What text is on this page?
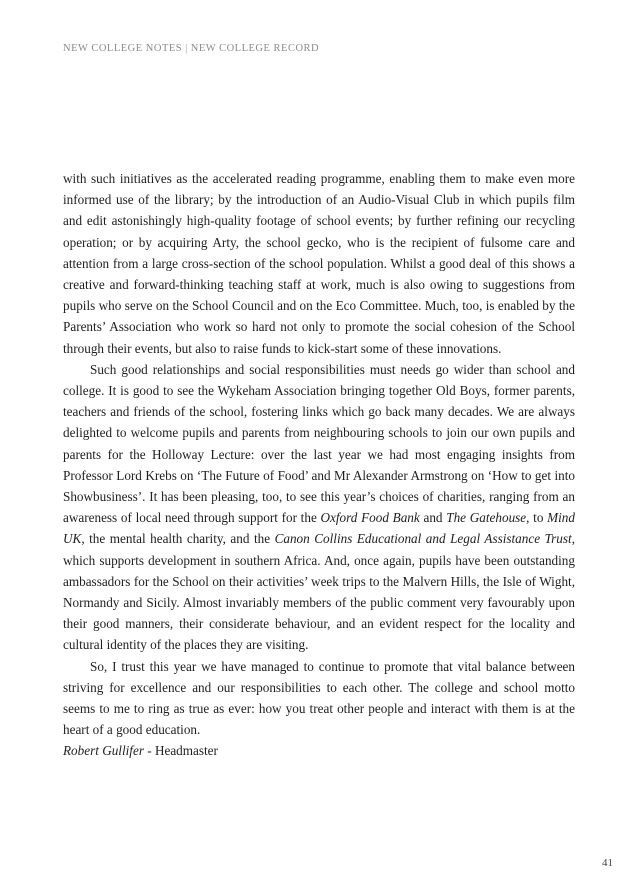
NEW COLLEGE NOTES | NEW COLLEGE RECORD

with such initiatives as the accelerated reading programme, enabling them to make even more informed use of the library; by the introduction of an Audio-Visual Club in which pupils film and edit astonishingly high-quality footage of school events; by further refining our recycling operation; or by acquiring Arty, the school gecko, who is the recipient of fulsome care and attention from a large cross-section of the school population. Whilst a good deal of this shows a creative and forward-thinking teaching staff at work, much is also owing to suggestions from pupils who serve on the School Council and on the Eco Committee. Much, too, is enabled by the Parents’ Association who work so hard not only to promote the social cohesion of the School through their events, but also to raise funds to kick-start some of these innovations.

Such good relationships and social responsibilities must needs go wider than school and college. It is good to see the Wykeham Association bringing together Old Boys, former parents, teachers and friends of the school, fostering links which go back many decades. We are always delighted to welcome pupils and parents from neighbouring schools to join our own pupils and parents for the Holloway Lecture: over the last year we had most engaging insights from Professor Lord Krebs on ‘The Future of Food’ and Mr Alexander Armstrong on ‘How to get into Showbusiness’. It has been pleasing, too, to see this year’s choices of charities, ranging from an awareness of local need through support for the Oxford Food Bank and The Gatehouse, to Mind UK, the mental health charity, and the Canon Collins Educational and Legal Assistance Trust, which supports development in southern Africa. And, once again, pupils have been outstanding ambassadors for the School on their activities’ week trips to the Malvern Hills, the Isle of Wight, Normandy and Sicily. Almost invariably members of the public comment very favourably upon their good manners, their considerate behaviour, and an evident respect for the locality and cultural identity of the places they are visiting.

So, I trust this year we have managed to continue to promote that vital balance between striving for excellence and our responsibilities to each other. The college and school motto seems to me to ring as true as ever: how you treat other people and interact with them is at the heart of a good education.

Robert Gullifer - Headmaster

41
